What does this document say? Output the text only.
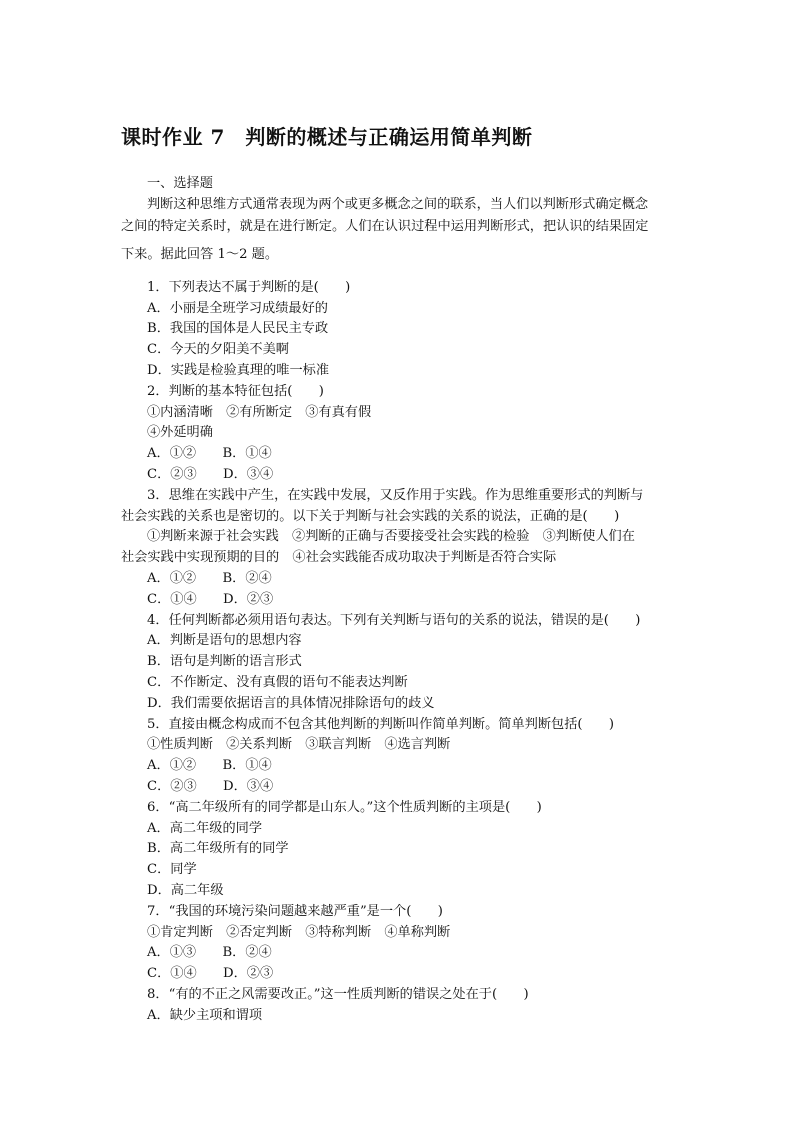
课时作业 7　判断的概述与正确运用简单判断
一、选择题
判断这种思维方式通常表现为两个或更多概念之间的联系，当人们以判断形式确定概念
之间的特定关系时，就是在进行断定。人们在认识过程中运用判断形式，把认识的结果固定
下来。据此回答 1～2 题。
1．下列表达不属于判断的是(　　)
A．小丽是全班学习成绩最好的
B．我国的国体是人民民主专政
C．今天的夕阳美不美啊
D．实践是检验真理的唯一标准
2．判断的基本特征包括(　　)
①内涵清晰　②有所断定　③有真有假
④外延明确
A．①②　　B．①④
C．②③　　D．③④
3．思维在实践中产生，在实践中发展，又反作用于实践。作为思维重要形式的判断与
社会实践的关系也是密切的。以下关于判断与社会实践的关系的说法，正确的是(　　)
①判断来源于社会实践　②判断的正确与否要接受社会实践的检验　③判断使人们在
社会实践中实现预期的目的　④社会实践能否成功取决于判断是否符合实际
A．①②　　B．②④
C．①④　　D．②③
4．任何判断都必须用语句表达。下列有关判断与语句的关系的说法，错误的是(　　)
A．判断是语句的思想内容
B．语句是判断的语言形式
C．不作断定、没有真假的语句不能表达判断
D．我们需要依据语言的具体情况排除语句的歧义
5．直接由概念构成而不包含其他判断的判断叫作简单判断。简单判断包括(　　)
①性质判断　②关系判断　③联言判断　④选言判断
A．①②　　B．①④
C．②③　　D．③④
6．“高二年级所有的同学都是山东人。”这个性质判断的主项是(　　)
A．高二年级的同学
B．高二年级所有的同学
C．同学
D．高二年级
7．“我国的环境污染问题越来越严重”是一个(　　)
①肯定判断　②否定判断　③特称判断　④单称判断
A．①③　　B．②④
C．①④　　D．②③
8．“有的不正之风需要改正。”这一性质判断的错误之处在于(　　)
A．缺少主项和谓项
